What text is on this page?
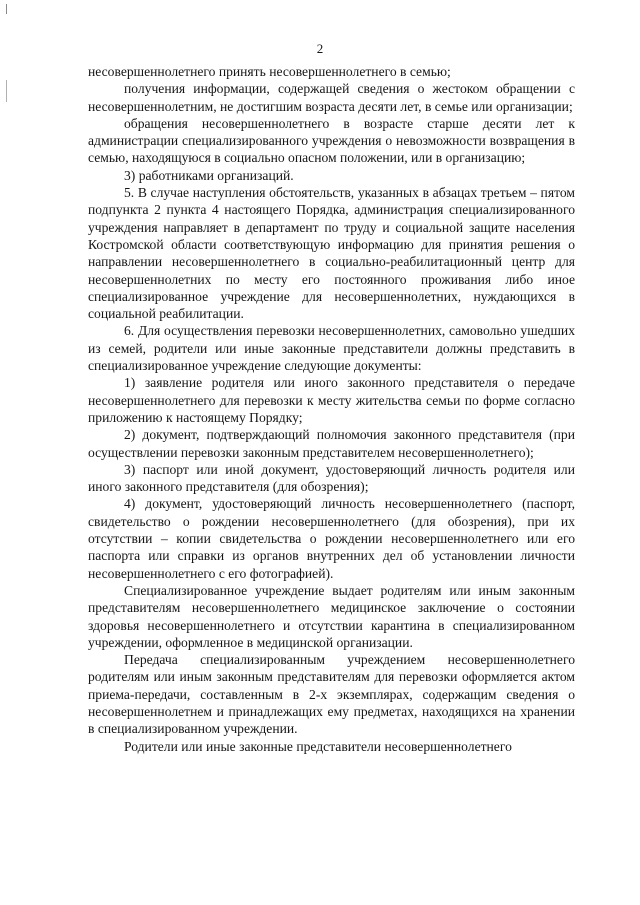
2

несовершеннолетнего принять несовершеннолетнего в семью;

получения информации, содержащей сведения о жестоком обращении с несовершеннолетним, не достигшим возраста десяти лет, в семье или организации;

обращения несовершеннолетнего в возрасте старше десяти лет к администрации специализированного учреждения о невозможности возвращения в семью, находящуюся в социально опасном положении, или в организацию;

3) работниками организаций.

5. В случае наступления обстоятельств, указанных в абзацах третьем – пятом подпункта 2 пункта 4 настоящего Порядка, администрация специализированного учреждения направляет в департамент по труду и социальной защите населения Костромской области соответствующую информацию для принятия решения о направлении несовершеннолетнего в социально-реабилитационный центр для несовершеннолетних по месту его постоянного проживания либо иное специализированное учреждение для несовершеннолетних, нуждающихся в социальной реабилитации.

6. Для осуществления перевозки несовершеннолетних, самовольно ушедших из семей, родители или иные законные представители должны представить в специализированное учреждение следующие документы:

1) заявление родителя или иного законного представителя о передаче несовершеннолетнего для перевозки к месту жительства семьи по форме согласно приложению к настоящему Порядку;

2) документ, подтверждающий полномочия законного представителя (при осуществлении перевозки законным представителем несовершеннолетнего);

3) паспорт или иной документ, удостоверяющий личность родителя или иного законного представителя (для обозрения);

4) документ, удостоверяющий личность несовершеннолетнего (паспорт, свидетельство о рождении несовершеннолетнего (для обозрения), при их отсутствии – копии свидетельства о рождении несовершеннолетнего или его паспорта или справки из органов внутренних дел об установлении личности несовершеннолетнего с его фотографией).

Специализированное учреждение выдает родителям или иным законным представителям несовершеннолетнего медицинское заключение о состоянии здоровья несовершеннолетнего и отсутствии карантина в специализированном учреждении, оформленное в медицинской организации.

Передача специализированным учреждением несовершеннолетнего родителям или иным законным представителям для перевозки оформляется актом приема-передачи, составленным в 2-х экземплярах, содержащим сведения о несовершеннолетнем и принадлежащих ему предметах, находящихся на хранении в специализированном учреждении.

Родители или иные законные представители несовершеннолетнего
